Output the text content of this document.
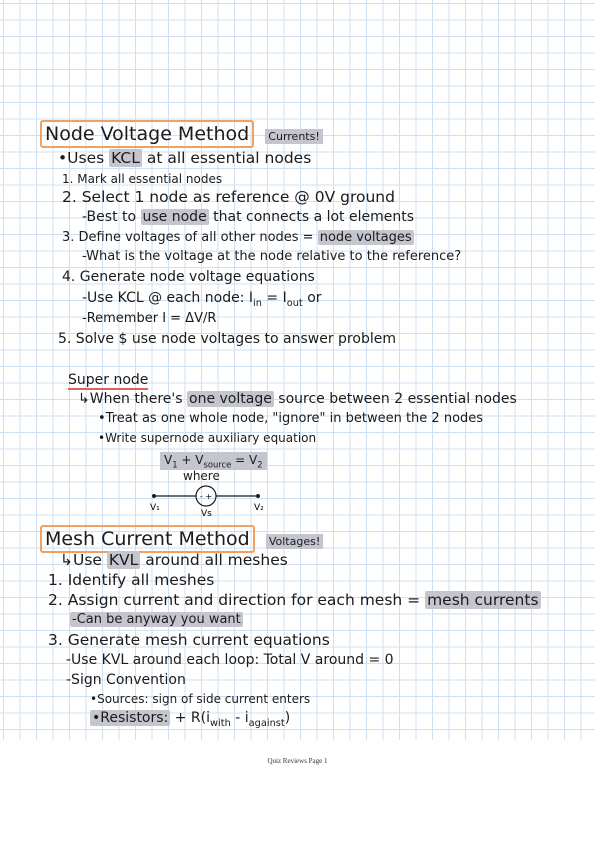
Node Voltage Method Currents!
•Uses KCL at all essential nodes
1. Mark all essential nodes
2. Select 1 node as reference @ 0V ground
-Best to use node that connects a lot elements
3. Define voltages of all other nodes = node voltages
-What is the voltage at the node relative to the reference?
4. Generate node voltage equations
-Use KCL @ each node: $I_{in} = I_{out}$ or
-Remember I = ΔV/R
5. Solve $ use node voltages to answer problem
Super node
↳When there's one voltage source between 2 essential nodes
•Treat as one whole node, "ignore" in between the 2 nodes
•Write supernode auxiliary equation
$V_1 + V_{source} = V_2$
where
- +
V₁	V₂
Vs
Mesh Current Method Voltages!
↳Use KVL around all meshes
1. Identify all meshes
2. Assign current and direction for each mesh = mesh currents
-Can be anyway you want
3. Generate mesh current equations
-Use KVL around each loop: Total V around = 0
-Sign Convention
•Sources: sign of side current enters
•Resistors: + $R(i_{with} - i_{against})$
Quiz Reviews Page 1
